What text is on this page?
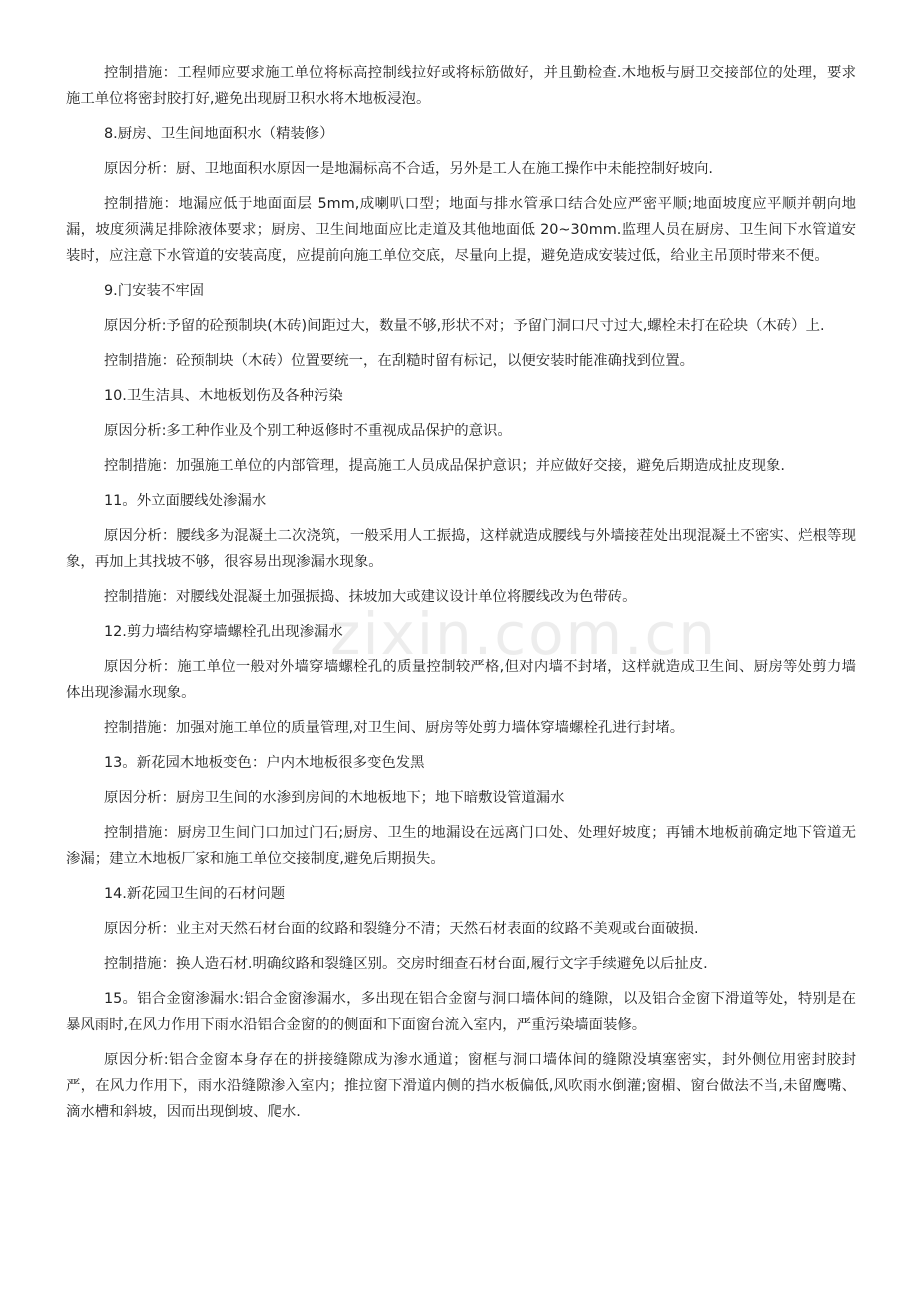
控制措施：工程师应要求施工单位将标高控制线拉好或将标筋做好，并且勤检查.木地板与厨卫交接部位的处理，要求施工单位将密封胶打好,避免出现厨卫积水将木地板浸泡。

8.厨房、卫生间地面积水（精装修）

原因分析：厨、卫地面积水原因一是地漏标高不合适，另外是工人在施工操作中未能控制好坡向.

控制措施：地漏应低于地面面层 5mm,成喇叭口型；地面与排水管承口结合处应严密平顺;地面坡度应平顺并朝向地漏，坡度须满足排除液体要求；厨房、卫生间地面应比走道及其他地面低 20~30mm.监理人员在厨房、卫生间下水管道安装时，应注意下水管道的安装高度，应提前向施工单位交底，尽量向上提，避免造成安装过低，给业主吊顶时带来不便。

9.门安装不牢固

原因分析:予留的砼预制块(木砖)间距过大，数量不够,形状不对；予留门洞口尺寸过大,螺栓未打在砼块（木砖）上.

控制措施：砼预制块（木砖）位置要统一，在刮糙时留有标记，以便安装时能准确找到位置。

10.卫生洁具、木地板划伤及各种污染

原因分析:多工种作业及个别工种返修时不重视成品保护的意识。

控制措施：加强施工单位的内部管理，提高施工人员成品保护意识；并应做好交接，避免后期造成扯皮现象.

11。外立面腰线处渗漏水

原因分析：腰线多为混凝土二次浇筑，一般采用人工振捣，这样就造成腰线与外墙接茬处出现混凝土不密实、烂根等现象，再加上其找坡不够，很容易出现渗漏水现象。

控制措施：对腰线处混凝土加强振捣、抹坡加大或建议设计单位将腰线改为色带砖。

12.剪力墙结构穿墙螺栓孔出现渗漏水

原因分析：施工单位一般对外墙穿墙螺栓孔的质量控制较严格,但对内墙不封堵，这样就造成卫生间、厨房等处剪力墙体出现渗漏水现象。

控制措施：加强对施工单位的质量管理,对卫生间、厨房等处剪力墙体穿墙螺栓孔进行封堵。

13。新花园木地板变色：户内木地板很多变色发黑

原因分析：厨房卫生间的水渗到房间的木地板地下；地下暗敷设管道漏水

控制措施：厨房卫生间门口加过门石;厨房、卫生的地漏设在远离门口处、处理好坡度；再铺木地板前确定地下管道无渗漏；建立木地板厂家和施工单位交接制度,避免后期损失。

14.新花园卫生间的石材问题

原因分析：业主对天然石材台面的纹路和裂缝分不清；天然石材表面的纹路不美观或台面破损.

控制措施：换人造石材.明确纹路和裂缝区别。交房时细查石材台面,履行文字手续避免以后扯皮.

15。铝合金窗渗漏水:铝合金窗渗漏水，多出现在铝合金窗与洞口墙体间的缝隙，以及铝合金窗下滑道等处，特别是在暴风雨时,在风力作用下雨水沿铝合金窗的的侧面和下面窗台流入室内，严重污染墙面装修。

原因分析:铝合金窗本身存在的拼接缝隙成为渗水通道；窗框与洞口墙体间的缝隙没填塞密实，封外侧位用密封胶封严，在风力作用下，雨水沿缝隙渗入室内；推拉窗下滑道内侧的挡水板偏低,风吹雨水倒灌;窗楣、窗台做法不当,未留鹰嘴、滴水槽和斜坡，因而出现倒坡、爬水.

zixin.com.cn
